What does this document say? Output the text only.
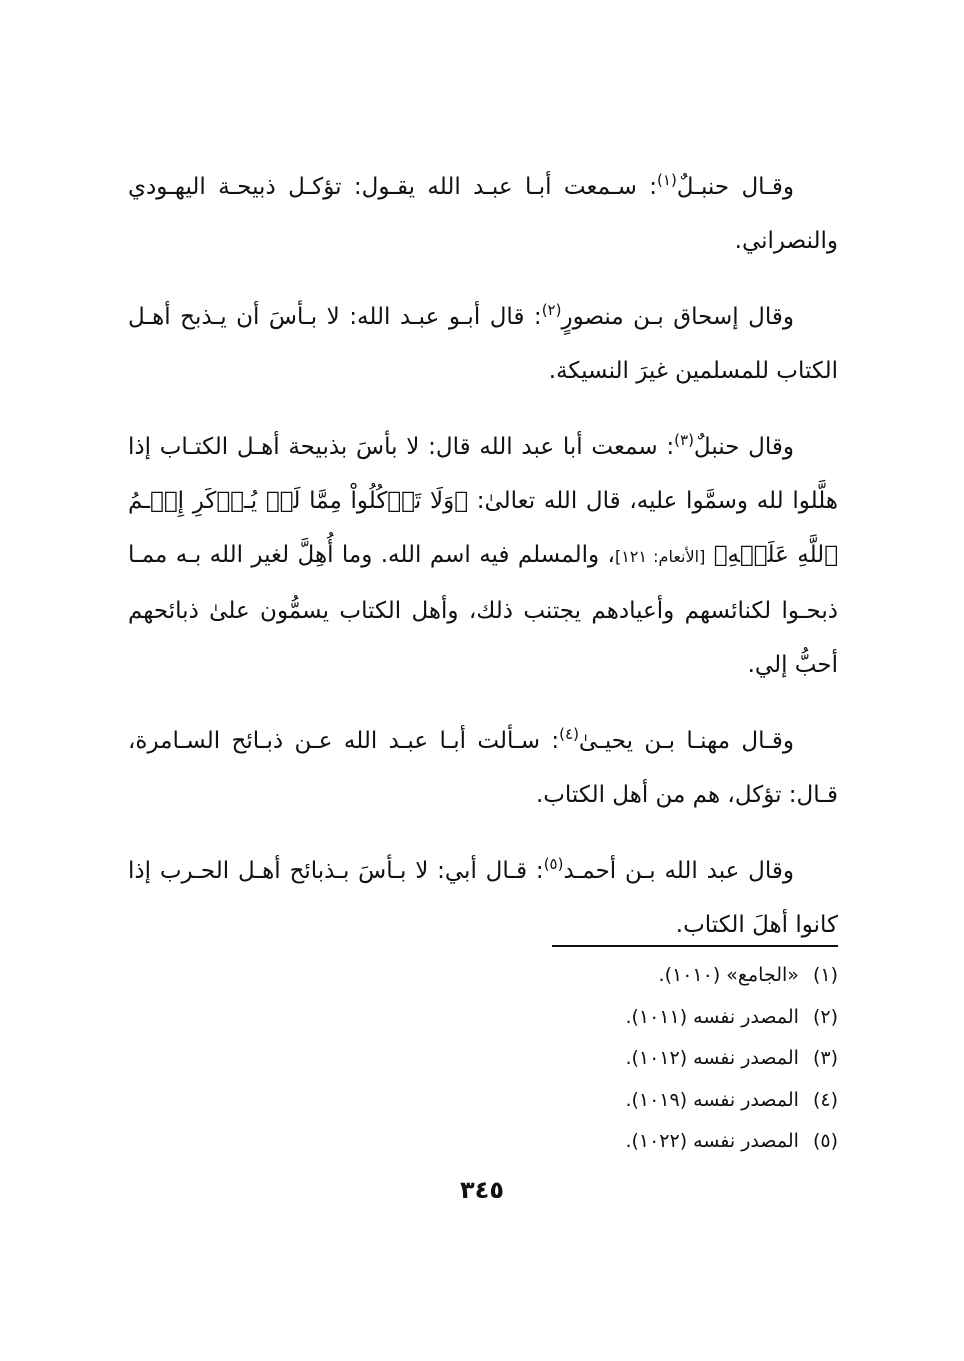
وقـال حنبـلٌ$^{(١)}$: سـمعت أبـا عبـد الله يقـول: تؤكـل ذبيحـة اليهـودي والنصراني.

وقال إسحاق بـن منصورٍ$^{(٢)}$: قال أبـو عبـد الله: لا بـأسَ أن يـذبح أهـل الكتاب للمسلمين غيرَ النسيكة.

وقال حنبلٌ$^{(٣)}$: سمعت أبا عبد الله قال: لا بأسَ بذبيحة أهـل الكتـاب إذا هلَّلوا لله وسمَّوا عليه، قال الله تعالىٰ: ﴿وَلَا تَأۡكُلُواْ مِمَّا لَمۡ يُـذۡكَرِ إِسۡـمُ ٱللَّهِ عَلَيۡهِ﴾ [الأنعام: ١٢١]، والمسلم فيه اسم الله. وما أُهِلَّ لغير الله بـه ممـا ذبحـوا لكنائسهم وأعيادهم يجتنب ذلك، وأهل الكتاب يسمُّون علىٰ ذبائحهم أحبُّ إلي.

وقـال مهنـا بـن يحيـىٰ$^{(٤)}$: سـألت أبـا عبـد الله عـن ذبـائح السـامرة، قـال: تؤكل، هم من أهل الكتاب.

وقال عبد الله بـن أحمـد$^{(٥)}$: قـال أبي: لا بـأسَ بـذبائح أهـل الحـرب إذا كانوا أهلَ الكتاب.

(١)«الجامع» (١٠١٠).
(٢)المصدر نفسه (١٠١١).
(٣)المصدر نفسه (١٠١٢).
(٤)المصدر نفسه (١٠١٩).
(٥)المصدر نفسه (١٠٢٢).
٣٤٥
